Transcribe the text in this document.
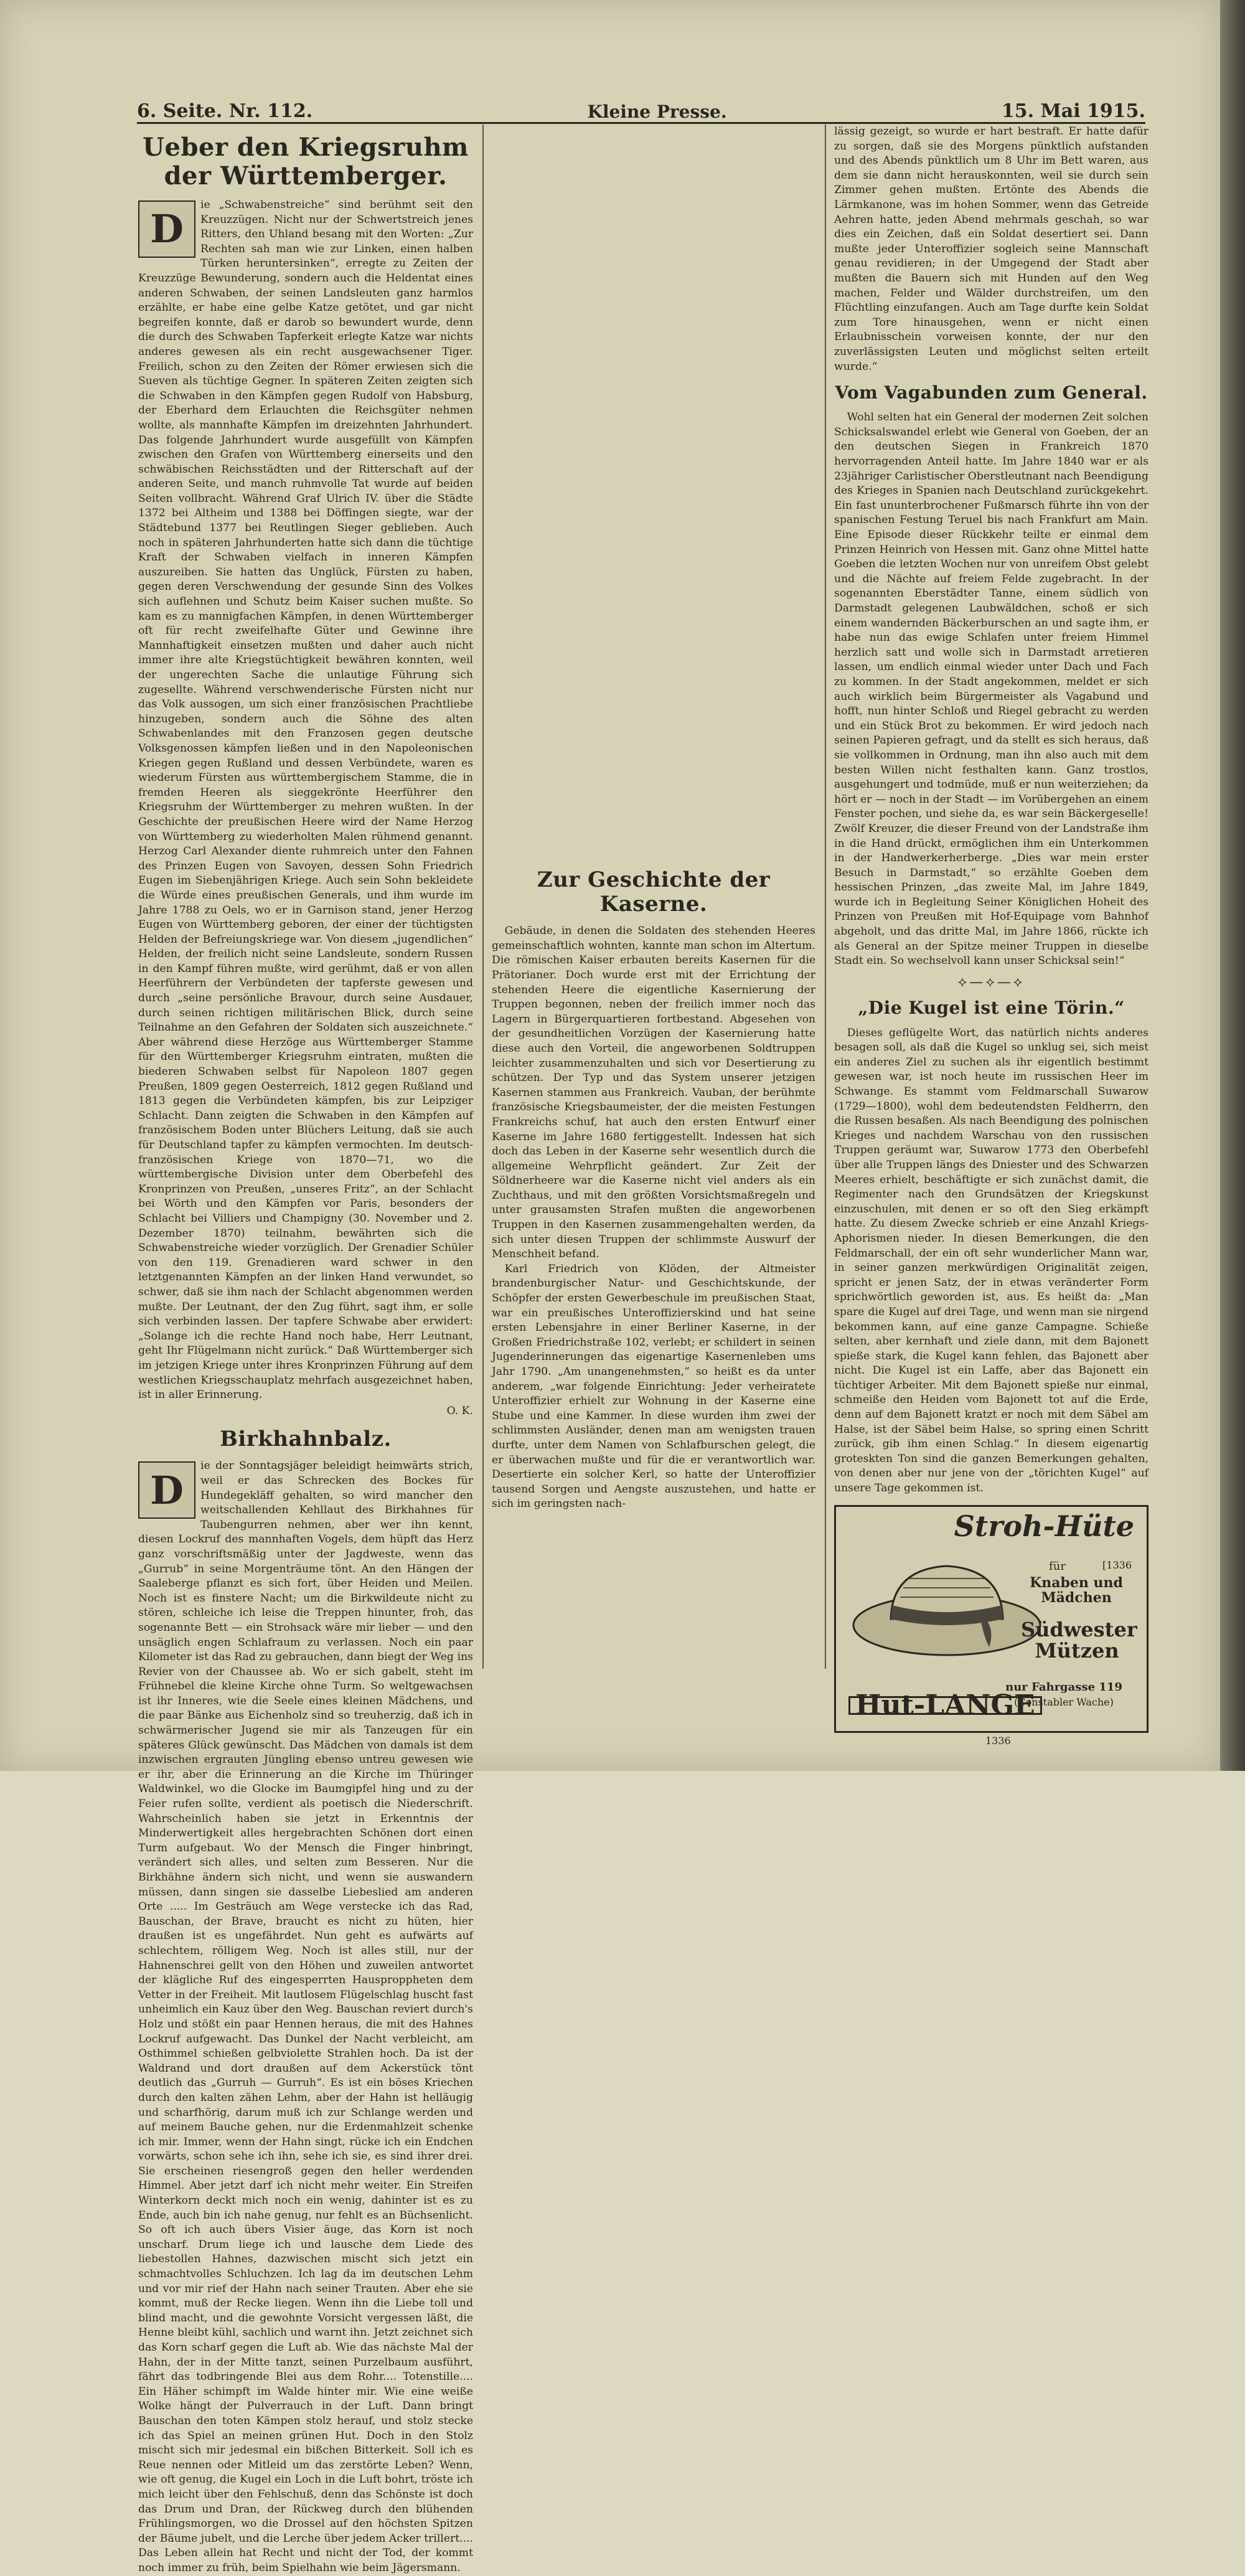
6. Seite. Nr. 112.	Kleine Presse.	15. Mai 1915.
Ueber den Kriegsruhm der Württemberger.
D

ie „Schwabenstreiche“ sind berühmt seit den Kreuzzügen. Nicht nur der Schwertstreich jenes Ritters, den Uhland besang mit den Worten: „Zur Rechten sah man wie zur Linken, einen halben Türken heruntersinken“, erregte zu Zeiten der Kreuzzüge Bewunderung, sondern auch die Heldentat eines anderen Schwaben, der seinen Landsleuten ganz harmlos erzählte, er habe eine gelbe Katze getötet, und gar nicht begreifen konnte, daß er darob so bewundert wurde, denn die durch des Schwaben Tapferkeit erlegte Katze war nichts anderes gewesen als ein recht ausgewachsener Tiger. Freilich, schon zu den Zeiten der Römer erwiesen sich die Sueven als tüchtige Gegner. In späteren Zeiten zeigten sich die Schwaben in den Kämpfen gegen Rudolf von Habsburg, der Eberhard dem Erlauchten die Reichsgüter nehmen wollte, als mannhafte Kämpfen im dreizehnten Jahrhundert. Das folgende Jahrhundert wurde ausgefüllt von Kämpfen zwischen den Grafen von Württemberg einerseits und den schwäbischen Reichsstädten und der Ritterschaft auf der anderen Seite, und manch ruhmvolle Tat wurde auf beiden Seiten vollbracht. Während Graf Ulrich IV. über die Städte 1372 bei Altheim und 1388 bei Döffingen siegte, war der Städtebund 1377 bei Reutlingen Sieger geblieben. Auch noch in späteren Jahrhunderten hatte sich dann die tüchtige Kraft der Schwaben vielfach in inneren Kämpfen auszureiben. Sie hatten das Unglück, Fürsten zu haben, gegen deren Verschwendung der gesunde Sinn des Volkes sich auflehnen und Schutz beim Kaiser suchen mußte. So kam es zu mannigfachen Kämpfen, in denen Württemberger oft für recht zweifelhafte Güter und Gewinne ihre Mannhaftigkeit einsetzen mußten und daher auch nicht immer ihre alte Kriegstüchtigkeit bewähren konnten, weil der ungerechten Sache die unlautige Führung sich zugesellte. Während verschwenderische Fürsten nicht nur das Volk aussogen, um sich einer französischen Prachtliebe hinzugeben, sondern auch die Söhne des alten Schwabenlandes mit den Franzosen gegen deutsche Volksgenossen kämpfen ließen und in den Napoleonischen Kriegen gegen Rußland und dessen Verbündete, waren es wiederum Fürsten aus württembergischem Stamme, die in fremden Heeren als sieggekrönte Heerführer den Kriegsruhm der Württemberger zu mehren wußten. In der Geschichte der preußischen Heere wird der Name Herzog von Württemberg zu wiederholten Malen rühmend genannt. Herzog Carl Alexander diente ruhmreich unter den Fahnen des Prinzen Eugen von Savoyen, dessen Sohn Friedrich Eugen im Siebenjährigen Kriege. Auch sein Sohn bekleidete die Würde eines preußischen Generals, und ihm wurde im Jahre 1788 zu Oels, wo er in Garnison stand, jener Herzog Eugen von Württemberg geboren, der einer der tüchtigsten Helden der Befreiungskriege war. Von diesem „jugendlichen“ Helden, der freilich nicht seine Landsleute, sondern Russen in den Kampf führen mußte, wird gerühmt, daß er von allen Heerführern der Verbündeten der tapferste gewesen und durch „seine persönliche Bravour, durch seine Ausdauer, durch seinen richtigen militärischen Blick, durch seine Teilnahme an den Gefahren der Soldaten sich auszeichnete.“ Aber während diese Herzöge aus Württemberger Stamme für den Württemberger Kriegsruhm eintraten, mußten die biederen Schwaben selbst für Napoleon 1807 gegen Preußen, 1809 gegen Oesterreich, 1812 gegen Rußland und 1813 gegen die Verbündeten kämpfen, bis zur Leipziger Schlacht. Dann zeigten die Schwaben in den Kämpfen auf französischem Boden unter Blüchers Leitung, daß sie auch für Deutschland tapfer zu kämpfen vermochten. Im deutsch-französischen Kriege von 1870—71, wo die württembergische Division unter dem Oberbefehl des Kronprinzen von Preußen, „unseres Fritz“, an der Schlacht bei Wörth und den Kämpfen vor Paris, besonders der Schlacht bei Villiers und Champigny (30. November und 2. Dezember 1870) teilnahm, bewährten sich die Schwabenstreiche wieder vorzüglich. Der Grenadier Schüler von den 119. Grenadieren ward schwer in den letztgenannten Kämpfen an der linken Hand verwundet, so schwer, daß sie ihm nach der Schlacht abgenommen werden mußte. Der Leutnant, der den Zug führt, sagt ihm, er solle sich verbinden lassen. Der tapfere Schwabe aber erwidert: „Solange ich die rechte Hand noch habe, Herr Leutnant, geht Ihr Flügelmann nicht zurück.“ Daß Württemberger sich im jetzigen Kriege unter ihres Kronprinzen Führung auf dem westlichen Kriegsschauplatz mehrfach ausgezeichnet haben, ist in aller Erinnerung.

O. K.
Birkhahnbalz.
D

ie der Sonntagsjäger beleidigt heimwärts strich, weil er das Schrecken des Bockes für Hundegekläff gehalten, so wird mancher den weitschallenden Kehllaut des Birkhahnes für Taubengurren nehmen, aber wer ihn kennt, diesen Lockruf des mannhaften Vogels, dem hüpft das Herz ganz vorschriftsmäßig unter der Jagdweste, wenn das „Gurrub“ in seine Morgenträume tönt. An den Hängen der Saaleberge pflanzt es sich fort, über Heiden und Meilen. Noch ist es finstere Nacht; um die Birkwildeute nicht zu stören, schleiche ich leise die Treppen hinunter, froh, das sogenannte Bett — ein Strohsack wäre mir lieber — und den unsäglich engen Schlafraum zu verlassen. Noch ein paar Kilometer ist das Rad zu gebrauchen, dann biegt der Weg ins Revier von der Chaussee ab. Wo er sich gabelt, steht im Frühnebel die kleine Kirche ohne Turm. So weltgewachsen ist ihr Inneres, wie die Seele eines kleinen Mädchens, und die paar Bänke aus Eichenholz sind so treuherzig, daß ich in schwärmerischer Jugend sie mir als Tanzeugen für ein späteres Glück gewünscht. Das Mädchen von damals ist dem inzwischen ergrauten Jüngling ebenso untreu gewesen wie er ihr, aber die Erinnerung an die Kirche im Thüringer Waldwinkel, wo die Glocke im Baumgipfel hing und zu der Feier rufen sollte, verdient als poetisch die Niederschrift. Wahrscheinlich haben sie jetzt in Erkenntnis der Minderwertigkeit alles hergebrachten Schönen dort einen Turm aufgebaut. Wo der Mensch die Finger hinbringt, verändert sich alles, und selten zum Besseren. Nur die Birkhähne ändern sich nicht, und wenn sie auswandern müssen, dann singen sie dasselbe Liebeslied am anderen Orte ..... Im Gesträuch am Wege verstecke ich das Rad, Bauschan, der Brave, braucht es nicht zu hüten, hier draußen ist es ungefährdet. Nun geht es aufwärts auf schlechtem, rölligem Weg. Noch ist alles still, nur der Hahnenschrei gellt von den Höhen und zuweilen antwortet der klägliche Ruf des eingesperrten Hausproppheten dem Vetter in der Freiheit. Mit lautlosem Flügelschlag huscht fast unheimlich ein Kauz über den Weg. Bauschan reviert durch's Holz und stößt ein paar Hennen heraus, die mit des Hahnes Lockruf aufgewacht. Das Dunkel der Nacht verbleicht, am Osthimmel schießen gelbviolette Strahlen hoch. Da ist der Waldrand und dort draußen auf dem Ackerstück tönt deutlich das „Gurruh — Gurruh“. Es ist ein böses Kriechen durch den kalten zähen Lehm, aber der Hahn ist helläugig und scharfhörig, darum muß ich zur Schlange werden und auf meinem Bauche gehen, nur die Erdenmahlzeit schenke ich mir. Immer, wenn der Hahn singt, rücke ich ein Endchen vorwärts, schon sehe ich ihn, sehe ich sie, es sind ihrer drei. Sie erscheinen riesengroß gegen den heller werdenden Himmel. Aber jetzt darf ich nicht mehr weiter. Ein Streifen Winterkorn deckt mich noch ein wenig, dahinter ist es zu Ende, auch bin ich nahe genug, nur fehlt es an Büchsenlicht. So oft ich auch übers Visier äuge, das Korn ist noch unscharf. Drum liege ich und lausche dem Liede des liebestollen Hahnes, dazwischen mischt sich jetzt ein schmachtvolles Schluchzen. Ich lag da im deutschen Lehm und vor mir rief der Hahn nach seiner Trauten. Aber ehe sie kommt, muß der Recke liegen. Wenn ihn die Liebe toll und blind macht, und die gewohnte Vorsicht vergessen läßt, die Henne bleibt kühl, sachlich und warnt ihn. Jetzt zeichnet sich das Korn scharf gegen die Luft ab. Wie das nächste Mal der Hahn, der in der Mitte tanzt, seinen Purzelbaum ausführt, fährt das todbringende Blei aus dem Rohr.... Totenstille.... Ein Häher schimpft im Walde hinter mir. Wie eine weiße Wolke hängt der Pulverrauch in der Luft. Dann bringt Bauschan den toten Kämpen stolz herauf, und stolz stecke ich das Spiel an meinen grünen Hut. Doch in den Stolz mischt sich mir jedesmal ein bißchen Bitterkeit. Soll ich es Reue nennen oder Mitleid um das zerstörte Leben? Wenn, wie oft genug, die Kugel ein Loch in die Luft bohrt, tröste ich mich leicht über den Fehlschuß, denn das Schönste ist doch das Drum und Dran, der Rückweg durch den blühenden Frühlingsmorgen, wo die Drossel auf den höchsten Spitzen der Bäume jubelt, und die Lerche über jedem Acker trillert.... Das Leben allein hat Recht und nicht der Tod, der kommt noch immer zu früh, beim Spielhahn wie beim Jägersmann.

Zur Geschichte der Kaserne.

Gebäude, in denen die Soldaten des stehenden Heeres gemeinschaftlich wohnten, kannte man schon im Altertum. Die römischen Kaiser erbauten bereits Kasernen für die Prätorianer. Doch wurde erst mit der Errichtung der stehenden Heere die eigentliche Kasernierung der Truppen begonnen, neben der freilich immer noch das Lagern in Bürgerquartieren fortbestand. Abgesehen von der gesundheitlichen Vorzügen der Kasernierung hatte diese auch den Vorteil, die angeworbenen Soldtruppen leichter zusammenzuhalten und sich vor Desertierung zu schützen. Der Typ und das System unserer jetzigen Kasernen stammen aus Frankreich. Vauban, der berühmte französische Kriegsbaumeister, der die meisten Festungen Frankreichs schuf, hat auch den ersten Entwurf einer Kaserne im Jahre 1680 fertiggestellt. Indessen hat sich doch das Leben in der Kaserne sehr wesentlich durch die allgemeine Wehrpflicht geändert. Zur Zeit der Söldnerheere war die Kaserne nicht viel anders als ein Zuchthaus, und mit den größten Vorsichtsmaßregeln und unter grausamsten Strafen mußten die angeworbenen Truppen in den Kasernen zusammengehalten werden, da sich unter diesen Truppen der schlimmste Auswurf der Menschheit befand.

Karl Friedrich von Klöden, der Altmeister brandenburgischer Natur- und Geschichtskunde, der Schöpfer der ersten Gewerbeschule im preußischen Staat, war ein preußisches Unteroffizierskind und hat seine ersten Lebensjahre in einer Berliner Kaserne, in der Großen Friedrichstraße 102, verlebt; er schildert in seinen Jugenderinnerungen das eigenartige Kasernenleben ums Jahr 1790. „Am unangenehmsten,“ so heißt es da unter anderem, „war folgende Einrichtung: Jeder verheiratete Unteroffizier erhielt zur Wohnung in der Kaserne eine Stube und eine Kammer. In diese wurden ihm zwei der schlimmsten Ausländer, denen man am wenigsten trauen durfte, unter dem Namen von Schlafburschen gelegt, die er überwachen mußte und für die er verantwortlich war. Desertierte ein solcher Kerl, so hatte der Unteroffizier tausend Sorgen und Aengste auszustehen, und hatte er sich im geringsten nach-

lässig gezeigt, so wurde er hart bestraft. Er hatte dafür zu sorgen, daß sie des Morgens pünktlich aufstanden und des Abends pünktlich um 8 Uhr im Bett waren, aus dem sie dann nicht herauskonnten, weil sie durch sein Zimmer gehen mußten. Ertönte des Abends die Lärmkanone, was im hohen Sommer, wenn das Getreide Aehren hatte, jeden Abend mehrmals geschah, so war dies ein Zeichen, daß ein Soldat desertiert sei. Dann mußte jeder Unteroffizier sogleich seine Mannschaft genau revidieren; in der Umgegend der Stadt aber mußten die Bauern sich mit Hunden auf den Weg machen, Felder und Wälder durchstreifen, um den Flüchtling einzufangen. Auch am Tage durfte kein Soldat zum Tore hinausgehen, wenn er nicht einen Erlaubnisschein vorweisen konnte, der nur den zuverlässigsten Leuten und möglichst selten erteilt wurde.“

Vom Vagabunden zum General.

Wohl selten hat ein General der modernen Zeit solchen Schicksalswandel erlebt wie General von Goeben, der an den deutschen Siegen in Frankreich 1870 hervorragenden Anteil hatte. Im Jahre 1840 war er als 23jähriger Carlistischer Oberstleutnant nach Beendigung des Krieges in Spanien nach Deutschland zurückgekehrt. Ein fast ununterbrochener Fußmarsch führte ihn von der spanischen Festung Teruel bis nach Frankfurt am Main. Eine Episode dieser Rückkehr teilte er einmal dem Prinzen Heinrich von Hessen mit. Ganz ohne Mittel hatte Goeben die letzten Wochen nur von unreifem Obst gelebt und die Nächte auf freiem Felde zugebracht. In der sogenannten Eberstädter Tanne, einem südlich von Darmstadt gelegenen Laubwäldchen, schoß er sich einem wandernden Bäckerburschen an und sagte ihm, er habe nun das ewige Schlafen unter freiem Himmel herzlich satt und wolle sich in Darmstadt arretieren lassen, um endlich einmal wieder unter Dach und Fach zu kommen. In der Stadt angekommen, meldet er sich auch wirklich beim Bürgermeister als Vagabund und hofft, nun hinter Schloß und Riegel gebracht zu werden und ein Stück Brot zu bekommen. Er wird jedoch nach seinen Papieren gefragt, und da stellt es sich heraus, daß sie vollkommen in Ordnung, man ihn also auch mit dem besten Willen nicht festhalten kann. Ganz trostlos, ausgehungert und todmüde, muß er nun weiterziehen; da hört er — noch in der Stadt — im Vorübergehen an einem Fenster pochen, und siehe da, es war sein Bäckergeselle! Zwölf Kreuzer, die dieser Freund von der Landstraße ihm in die Hand drückt, ermöglichen ihm ein Unterkommen in der Handwerkerherberge. „Dies war mein erster Besuch in Darmstadt,“ so erzählte Goeben dem hessischen Prinzen, „das zweite Mal, im Jahre 1849, wurde ich in Begleitung Seiner Königlichen Hoheit des Prinzen von Preußen mit Hof-Equipage vom Bahnhof abgeholt, und das dritte Mal, im Jahre 1866, rückte ich als General an der Spitze meiner Truppen in dieselbe Stadt ein. So wechselvoll kann unser Schicksal sein!“

⟡—⟡—⟡
„Die Kugel ist eine Törin.“

Dieses geflügelte Wort, das natürlich nichts anderes besagen soll, als daß die Kugel so unklug sei, sich meist ein anderes Ziel zu suchen als ihr eigentlich bestimmt gewesen war, ist noch heute im russischen Heer im Schwange. Es stammt vom Feldmarschall Suwarow (1729—1800), wohl dem bedeutendsten Feldherrn, den die Russen besaßen. Als nach Beendigung des polnischen Krieges und nachdem Warschau von den russischen Truppen geräumt war, Suwarow 1773 den Oberbefehl über alle Truppen längs des Dniester und des Schwarzen Meeres erhielt, beschäftigte er sich zunächst damit, die Regimenter nach den Grundsätzen der Kriegskunst einzuschulen, mit denen er so oft den Sieg erkämpft hatte. Zu diesem Zwecke schrieb er eine Anzahl Kriegs-Aphorismen nieder. In diesen Bemerkungen, die den Feldmarschall, der ein oft sehr wunderlicher Mann war, in seiner ganzen merkwürdigen Originalität zeigen, spricht er jenen Satz, der in etwas veränderter Form sprichwörtlich geworden ist, aus. Es heißt da: „Man spare die Kugel auf drei Tage, und wenn man sie nirgend bekommen kann, auf eine ganze Campagne. Schieße selten, aber kernhaft und ziele dann, mit dem Bajonett spieße stark, die Kugel kann fehlen, das Bajonett aber nicht. Die Kugel ist ein Laffe, aber das Bajonett ein tüchtiger Arbeiter. Mit dem Bajonett spieße nur einmal, schmeiße den Heiden vom Bajonett tot auf die Erde, denn auf dem Bajonett kratzt er noch mit dem Säbel am Halse, ist der Säbel beim Halse, so spring einen Schritt zurück, gib ihm einen Schlag.“ In diesem eigenartig groteskten Ton sind die ganzen Bemerkungen gehalten, von denen aber nur jene von der „törichten Kugel“ auf unsere Tage gekommen ist.

Stroh-Hüte
für	[1336
Knaben und
Mädchen
Südwester
Mützen
Hut-LANGE
nur Fahrgasse 119
(Constabler Wache)
1336
